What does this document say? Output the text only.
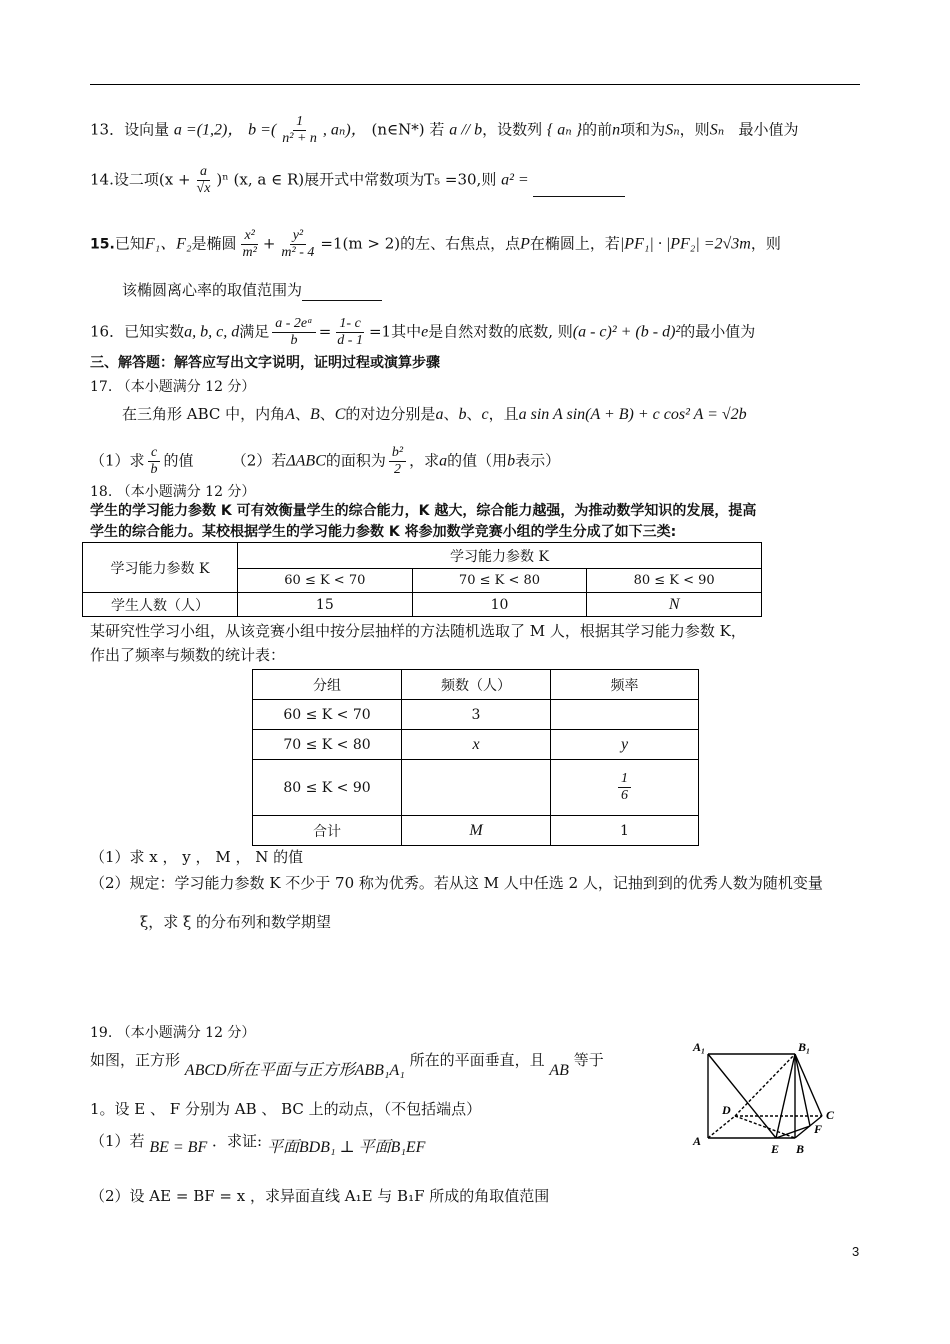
13．设向量 a =(1,2)， b =( $\frac{1}{\text{n² + n}}$ , aₙ)， (n∈N*) 若 a // b，设数列 { aₙ }的前n项和为Sₙ，则Sₙ 最小值为
14.设二项$(x + \frac{a}{√x} )^n$ (x, a ∈ R)展开式中常数项为T₅ =30,则 a² =
15.已知F₁、F₂是椭圆 $\frac{\text{x²}}{\text{m²}} + \frac{\text{y²}}{\text{m² - 4}} =1(m > 2)$的左、右焦点，点P在椭圆上，若|PF₁| · |PF₂| =2√3m，则
该椭圆离心率的取值范围为
16．已知实数a, b, c, d满足 $\frac{\text{a - 2eᵃ}}{b} = \frac{1- c}{d - 1} =1$其中e是自然对数的底数, 则(a - c)² + (b - d)²的最小值为
三、解答题：解答应写出文字说明，证明过程或演算步骤
17. （本小题满分 12 分）
在三角形 ABC 中，内角A、B、C的对边分别是a、b、c，且a sin A sin(A + B) + c cos² A = √2b
（1）求 $\frac{c}{b}$ 的值	（2）若ΔABC的面积为 $\frac{\text{b²}}{2}$ ，求a的值（用b表示）
18. （本小题满分 12 分）
学生的学习能力参数 K 可有效衡量学生的综合能力，K 越大，综合能力越强，为推动数学知识的发展，提高
学生的综合能力。某校根据学生的学习能力参数 K 将参加数学竞赛小组的学生分成了如下三类:
学习能力参数 K	学习能力参数 K		
	60 ≤ K < 70	70 ≤ K < 80	80 ≤ K < 90
学生人数（人）	15	10	N
某研究性学习小组，从该竞赛小组中按分层抽样的方法随机选取了 M 人，根据其学习能力参数 K，
作出了频率与频数的统计表：
分组	频数（人）	频率
60 ≤ K < 70	3	
70 ≤ K < 80	x	y
80 ≤ K < 90		$\frac{1}{6}$

合计	M	1
（1）求 x ， y ， M ， N 的值
（2）规定：学习能力参数 K 不少于 70 称为优秀。若从这 M 人中任选 2 人，记抽到到的优秀人数为随机变量
ξ，求 ξ 的分布列和数学期望
19. （本小题满分 12 分）
如图，正方形 ABCD所在平面与正方形ABB₁A₁ 所在的平面垂直，且 AB 等于
1。设 E 、 F 分别为 AB 、 BC 上的动点，（不包括端点）
（1）若 BE = BF ．求证: 平面BDB₁ ⊥ 平面B₁EF
（2）设 AE = BF = x ，求异面直线 A₁E 与 B₁F 所成的角取值范围
A₁	B₁
D	C
F
A
E B
3
